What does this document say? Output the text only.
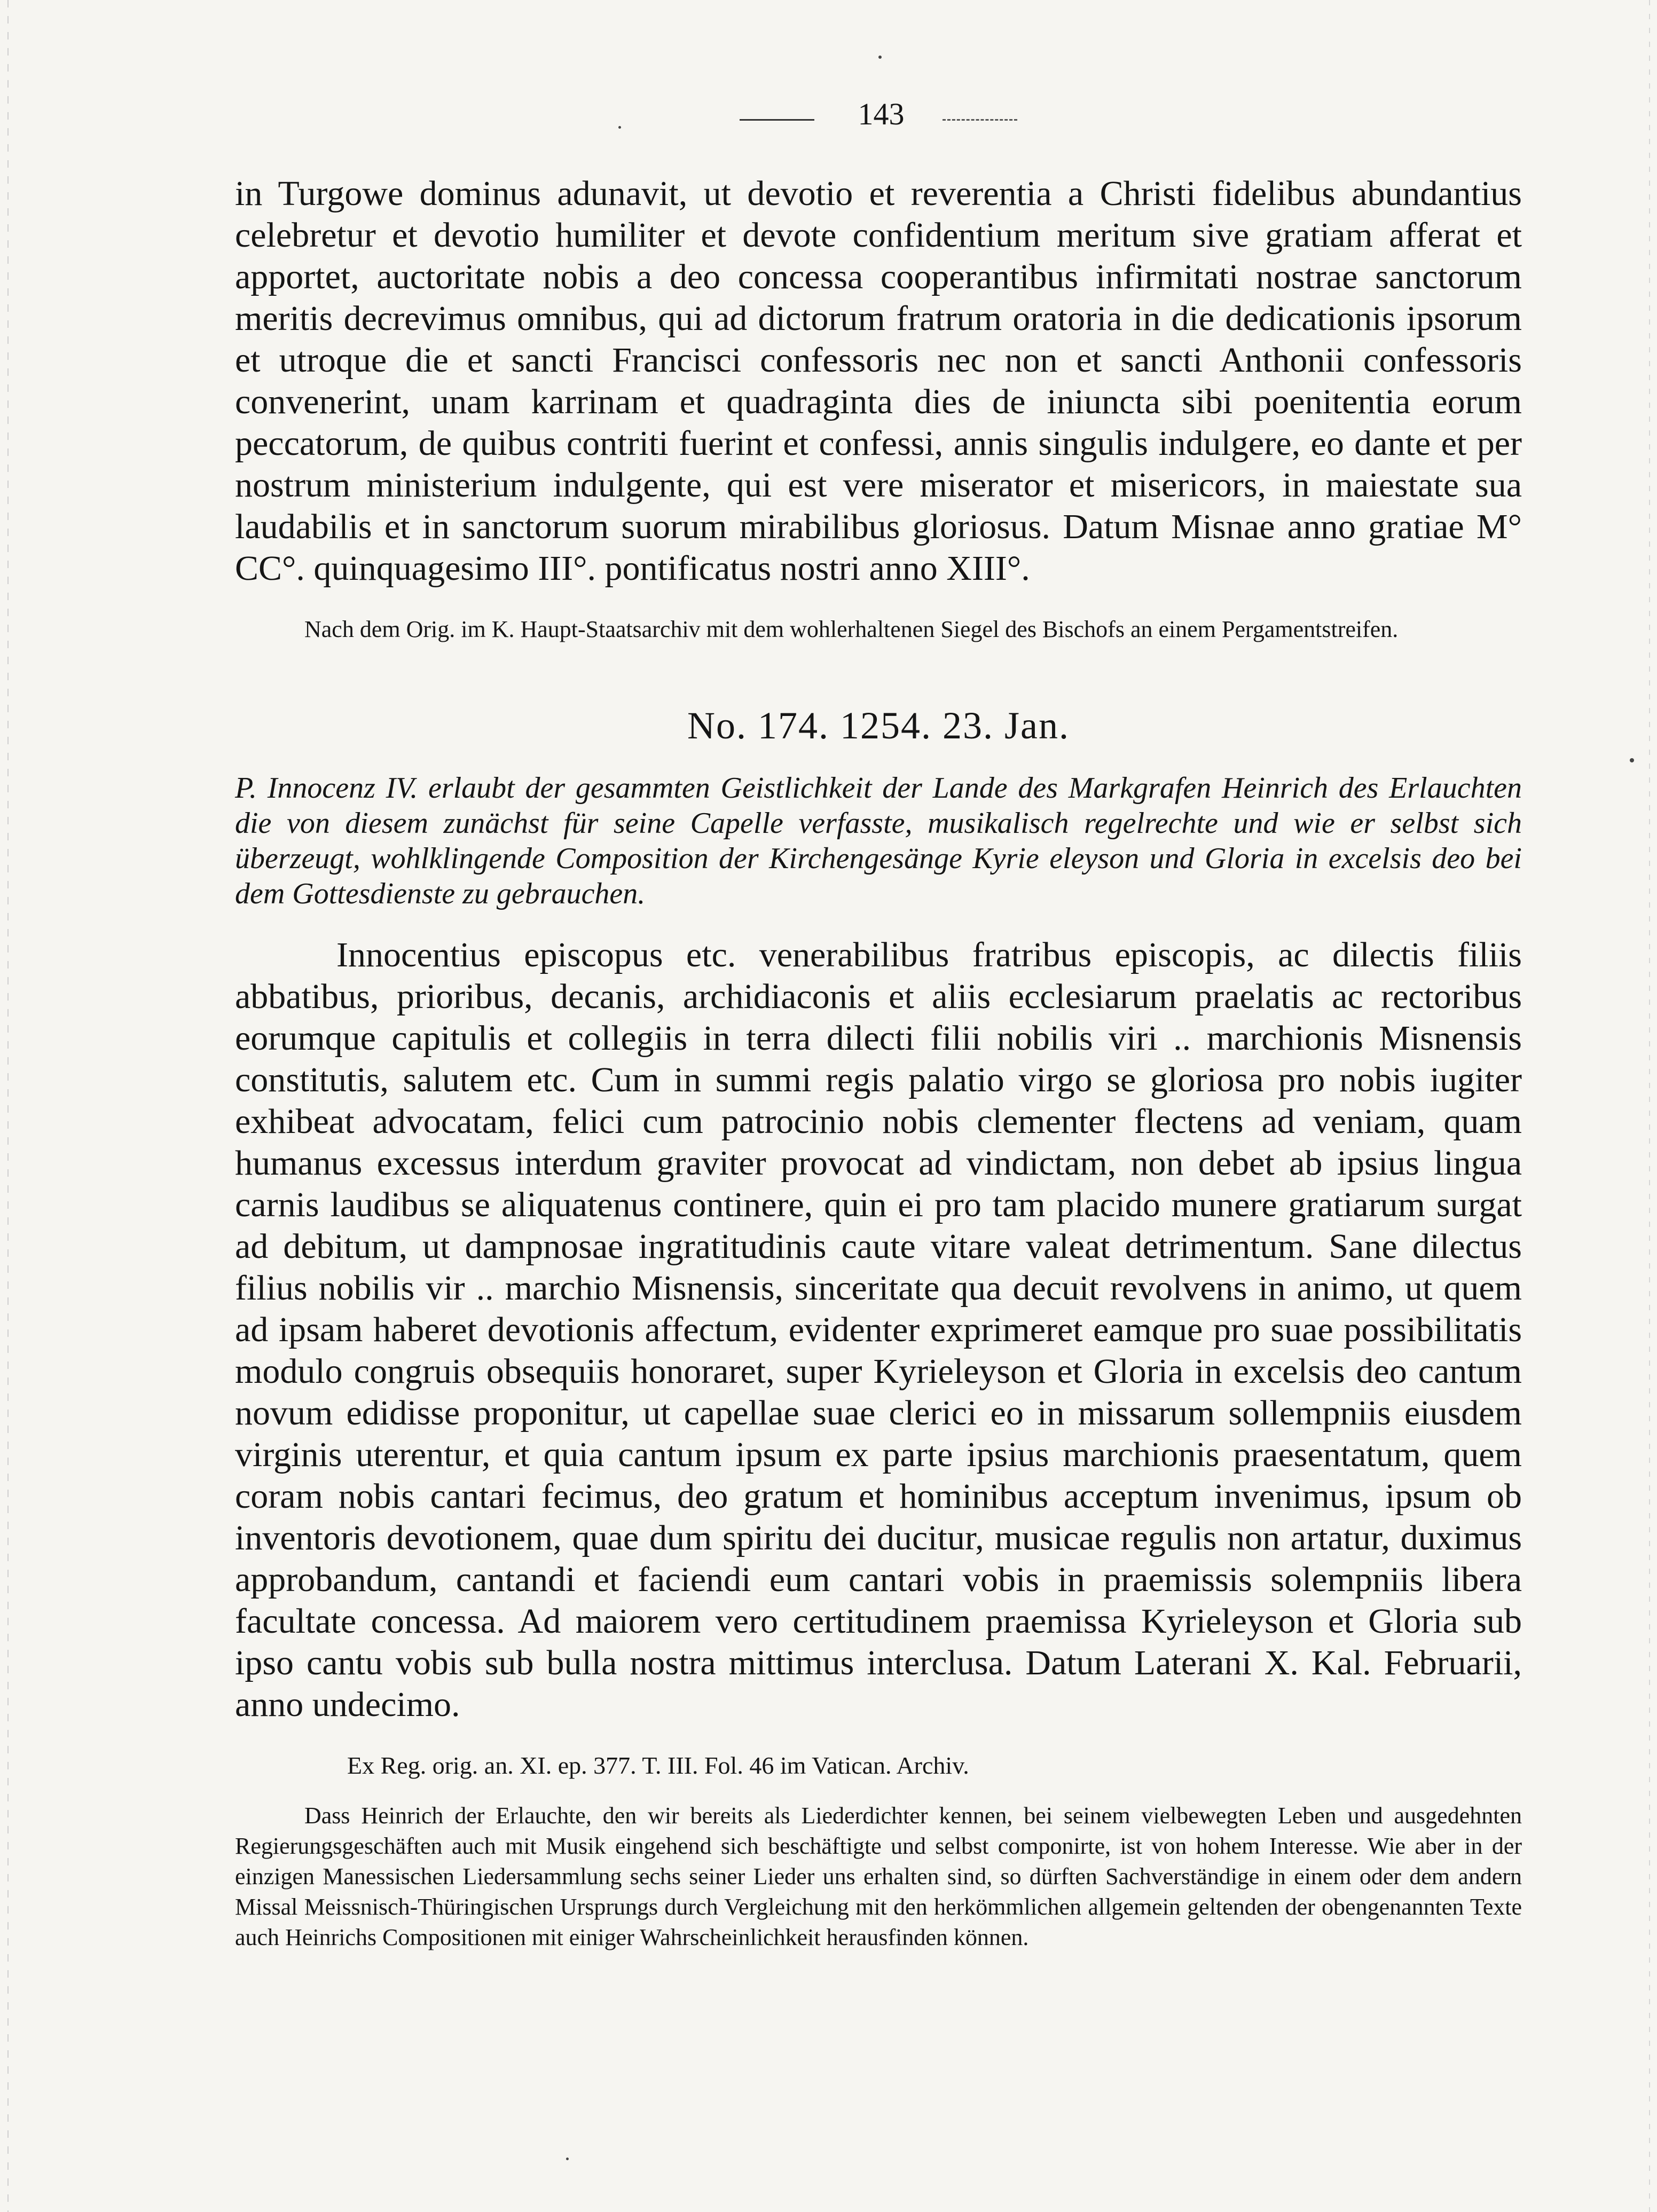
143
in Turgowe dominus adunavit, ut devotio et reverentia a Christi fidelibus abundantius celebretur et devotio humiliter et devote confidentium meritum sive gratiam afferat et apportet, auctoritate nobis a deo concessa cooperantibus infirmitati nostrae sanctorum meritis decrevimus omnibus, qui ad dictorum fratrum oratoria in die dedicationis ipsorum et utroque die et sancti Francisci confessoris nec non et sancti Anthonii confessoris convenerint, unam karrinam et quadraginta dies de iniuncta sibi poenitentia eorum peccatorum, de quibus contriti fuerint et confessi, annis singulis indulgere, eo dante et per nostrum ministerium indulgente, qui est vere miserator et misericors, in maiestate sua laudabilis et in sanctorum suorum mirabilibus gloriosus. Datum Misnae anno gratiae M° CC°. quinquagesimo III°. pontificatus nostri anno XIII°.
Nach dem Orig. im K. Haupt-Staatsarchiv mit dem wohlerhaltenen Siegel des Bischofs an einem Pergamentstreifen.
No. 174. 1254. 23. Jan.
P. Innocenz IV. erlaubt der gesammten Geistlichkeit der Lande des Markgrafen Heinrich des Erlauchten die von diesem zunächst für seine Capelle verfasste, musikalisch regelrechte und wie er selbst sich überzeugt, wohlklingende Composition der Kirchengesänge Kyrie eleyson und Gloria in excelsis deo bei dem Gottesdienste zu gebrauchen.
Innocentius episcopus etc. venerabilibus fratribus episcopis, ac dilectis filiis abbatibus, prioribus, decanis, archidiaconis et aliis ecclesiarum praelatis ac rectoribus eorumque capitulis et collegiis in terra dilecti filii nobilis viri .. marchionis Misnensis constitutis, salutem etc. Cum in summi regis palatio virgo se gloriosa pro nobis iugiter exhibeat advocatam, felici cum patrocinio nobis clementer flectens ad veniam, quam humanus excessus interdum graviter provocat ad vindictam, non debet ab ipsius lingua carnis laudibus se aliquatenus continere, quin ei pro tam placido munere gratiarum surgat ad debitum, ut dampnosae ingratitudinis caute vitare valeat detrimentum. Sane dilectus filius nobilis vir .. marchio Misnensis, sinceritate qua decuit revolvens in animo, ut quem ad ipsam haberet devotionis affectum, evidenter exprimeret eamque pro suae possibilitatis modulo congruis obsequiis honoraret, super Kyrieleyson et Gloria in excelsis deo cantum novum edidisse proponitur, ut capellae suae clerici eo in missarum sollempniis eiusdem virginis uterentur, et quia cantum ipsum ex parte ipsius marchionis praesentatum, quem coram nobis cantari fecimus, deo gratum et hominibus acceptum invenimus, ipsum ob inventoris devotionem, quae dum spiritu dei ducitur, musicae regulis non artatur, duximus approbandum, cantandi et faciendi eum cantari vobis in praemissis solempniis libera facultate concessa. Ad maiorem vero certitudinem praemissa Kyrieleyson et Gloria sub ipso cantu vobis sub bulla nostra mittimus interclusa. Datum Laterani X. Kal. Februarii, anno undecimo.
Ex Reg. orig. an. XI. ep. 377. T. III. Fol. 46 im Vatican. Archiv.
Dass Heinrich der Erlauchte, den wir bereits als Liederdichter kennen, bei seinem vielbewegten Leben und ausgedehnten Regierungsgeschäften auch mit Musik eingehend sich beschäftigte und selbst componirte, ist von hohem Interesse. Wie aber in der einzigen Manessischen Liedersammlung sechs seiner Lieder uns erhalten sind, so dürften Sachverständige in einem oder dem andern Missal Meissnisch-Thüringischen Ursprungs durch Vergleichung mit den herkömmlichen allgemein geltenden der obengenannten Texte auch Heinrichs Compositionen mit einiger Wahrscheinlichkeit herausfinden können.
